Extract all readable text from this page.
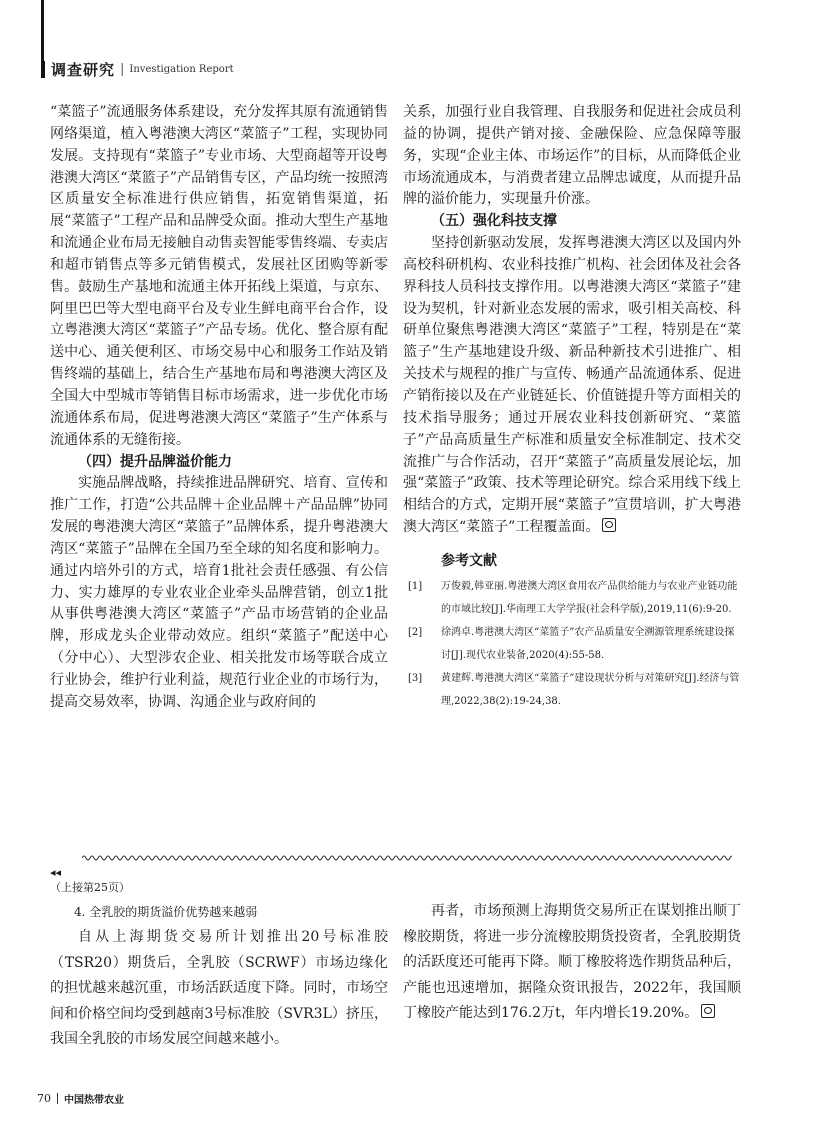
调查研究 | Investigation Report

“菜篮子”流通服务体系建设，充分发挥其原有流通销售网络渠道，植入粤港澳大湾区“菜篮子”工程，实现协同发展。支持现有“菜篮子”专业市场、大型商超等开设粤港澳大湾区“菜篮子”产品销售专区，产品均统一按照湾区质量安全标准进行供应销售，拓宽销售渠道，拓展“菜篮子”工程产品和品牌受众面。推动大型生产基地和流通企业布局无接触自动售卖智能零售终端、专卖店和超市销售点等多元销售模式，发展社区团购等新零售。鼓励生产基地和流通主体开拓线上渠道，与京东、阿里巴巴等大型电商平台及专业生鲜电商平台合作，设立粤港澳大湾区“菜篮子”产品专场。优化、整合原有配送中心、通关便利区、市场交易中心和服务工作站及销售终端的基础上，结合生产基地布局和粤港澳大湾区及全国大中型城市等销售目标市场需求，进一步优化市场流通体系布局，促进粤港澳大湾区“菜篮子”生产体系与流通体系的无缝衔接。

（四）提升品牌溢价能力

实施品牌战略，持续推进品牌研究、培育、宣传和推广工作，打造“公共品牌＋企业品牌＋产品品牌”协同发展的粤港澳大湾区“菜篮子”品牌体系，提升粤港澳大湾区“菜篮子”品牌在全国乃至全球的知名度和影响力。通过内培外引的方式，培育1批社会责任感强、有公信力、实力雄厚的专业农业企业牵头品牌营销，创立1批从事供粤港澳大湾区“菜篮子”产品市场营销的企业品牌，形成龙头企业带动效应。组织“菜篮子”配送中心（分中心）、大型涉农企业、相关批发市场等联合成立行业协会，维护行业利益，规范行业企业的市场行为，提高交易效率，协调、沟通企业与政府间的

关系，加强行业自我管理、自我服务和促进社会成员利益的协调，提供产销对接、金融保险、应急保障等服务，实现“企业主体、市场运作”的目标，从而降低企业市场流通成本，与消费者建立品牌忠诚度，从而提升品牌的溢价能力，实现量升价涨。

（五）强化科技支撑

坚持创新驱动发展，发挥粤港澳大湾区以及国内外高校科研机构、农业科技推广机构、社会团体及社会各界科技人员科技支撑作用。以粤港澳大湾区“菜篮子”建设为契机，针对新业态发展的需求，吸引相关高校、科研单位聚焦粤港澳大湾区“菜篮子”工程，特别是在“菜篮子”生产基地建设升级、新品种新技术引进推广、相关技术与规程的推广与宣传、畅通产品流通体系、促进产销衔接以及在产业链延长、价值链提升等方面相关的技术指导服务；通过开展农业科技创新研究、“菜篮子”产品高质量生产标准和质量安全标准制定、技术交流推广与合作活动，召开“菜篮子”高质量发展论坛，加强“菜篮子”政策、技术等理论研究。综合采用线下线上相结合的方式，定期开展“菜篮子”宣贯培训，扩大粤港澳大湾区“菜篮子”工程覆盖面。

参考文献
[1] 万俊毅,韩亚丽.粤港澳大湾区食用农产品供给能力与农业产业链功能的市域比较[J].华南理工大学学报(社会科学版),2019,11(6):9-20.
[2] 徐鸿卓.粤港澳大湾区“菜篮子”农产品质量安全溯源管理系统建设探讨[J].现代农业装备,2020(4):55-58.
[3] 黄建辉.粤港澳大湾区“菜篮子”建设现状分析与对策研究[J].经济与管理,2022,38(2):19-24,38.
◂◂
（上接第25页）
4. 全乳胶的期货溢价优势越来越弱

自从上海期货交易所计划推出20号标准胶（TSR20）期货后，全乳胶（SCRWF）市场边缘化的担忧越来越沉重，市场活跃适度下降。同时，市场空间和价格空间均受到越南3号标准胶（SVR3L）挤压，我国全乳胶的市场发展空间越来越小。

再者，市场预测上海期货交易所正在谋划推出顺丁橡胶期货，将进一步分流橡胶期货投资者，全乳胶期货的活跃度还可能再下降。顺丁橡胶将选作期货品种后，产能也迅速增加，据隆众资讯报告，2022年，我国顺丁橡胶产能达到176.2万t，年内增长19.20%。

70 中国热带农业
